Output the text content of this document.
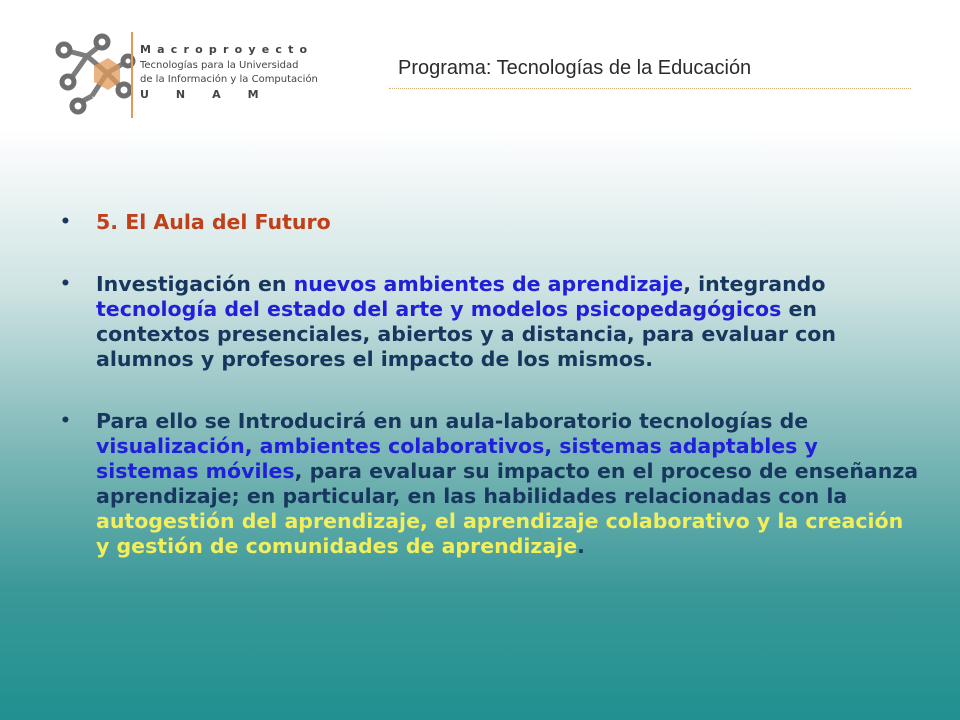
Macroproyecto
Tecnologías para la Universidad
de la Información y la Computación
UNAM
Programa: Tecnologías de la Educación

• 5. El Aula del Futuro

• Investigación en nuevos ambientes de aprendizaje, integrando tecnología del estado del arte y modelos psicopedagógicos en contextos presenciales, abiertos y a distancia, para evaluar con alumnos y profesores el impacto de los mismos.

• Para ello se Introducirá en un aula-laboratorio tecnologías de visualización, ambientes colaborativos, sistemas adaptables y sistemas móviles, para evaluar su impacto en el proceso de enseñanza aprendizaje; en particular, en las habilidades relacionadas con la autogestión del aprendizaje, el aprendizaje colaborativo y la creación y gestión de comunidades de aprendizaje.
